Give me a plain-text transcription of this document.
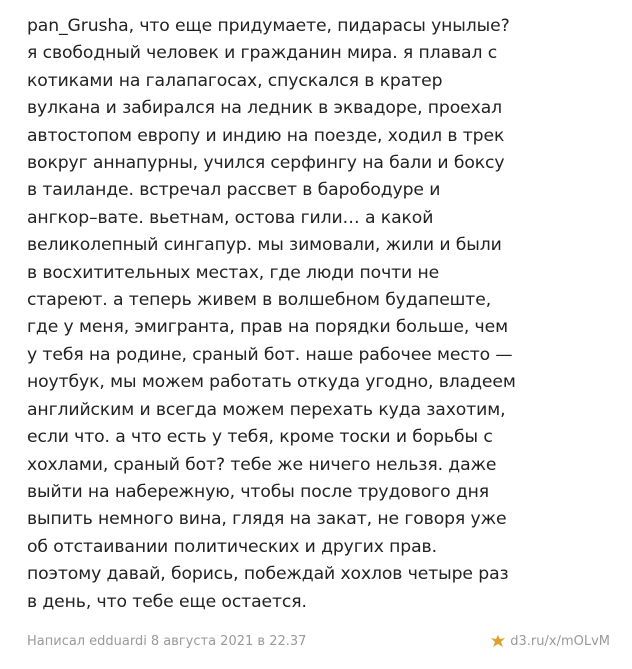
pan_Grusha, что еще придумаете, пидарасы унылые?
я свободный человек и гражданин мира. я плавал с
котиками на галапагосах, спускался в кратер
вулкана и забирался на ледник в эквадоре, проехал
автостопом европу и индию на поезде, ходил в трек
вокруг аннапурны, учился серфингу на бали и боксу
в таиланде. встречал рассвет в барободуре и
ангкор–вате. вьетнам, остова гили… а какой
великолепный сингапур. мы зимовали, жили и были
в восхитительных местах, где люди почти не
стареют. а теперь живем в волшебном будапеште,
где у меня, эмигранта, прав на порядки больше, чем
у тебя на родине, сраный бот. наше рабочее место —
ноутбук, мы можем работать откуда угодно, владеем
английским и всегда можем перехать куда захотим,
если что. а что есть у тебя, кроме тоски и борьбы с
хохлами, сраный бот? тебе же ничего нельзя. даже
выйти на набережную, чтобы после трудового дня
выпить немного вина, глядя на закат, не говоря уже
об отстаивании политических и других прав.
поэтому давай, борись, побеждай хохлов четыре раз
в день, что тебе еще остается.

Написал edduardi 8 августа 2021 в 22.37	d3.ru/x/mOLvM
